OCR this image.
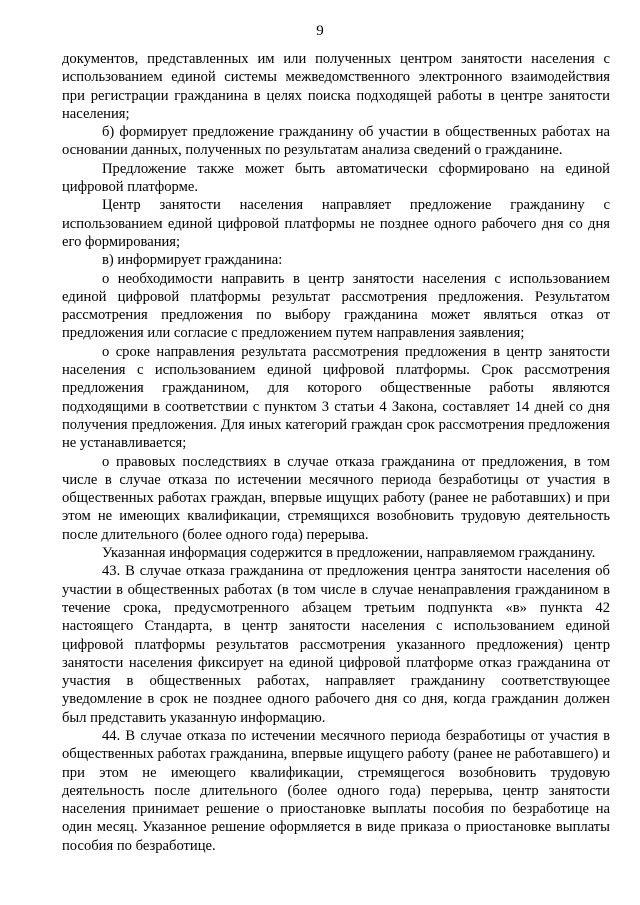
9

документов, представленных им или полученных центром занятости населения с использованием единой системы межведомственного электронного взаимодействия при регистрации гражданина в целях поиска подходящей работы в центре занятости населения;

б) формирует предложение гражданину об участии в общественных работах на основании данных, полученных по результатам анализа сведений о гражданине.

Предложение также может быть автоматически сформировано на единой цифровой платформе.

Центр занятости населения направляет предложение гражданину с использованием единой цифровой платформы не позднее одного рабочего дня со дня его формирования;

в) информирует гражданина:

о необходимости направить в центр занятости населения с использованием единой цифровой платформы результат рассмотрения предложения. Результатом рассмотрения предложения по выбору гражданина может являться отказ от предложения или согласие с предложением путем направления заявления;

о сроке направления результата рассмотрения предложения в центр занятости населения с использованием единой цифровой платформы. Срок рассмотрения предложения гражданином, для которого общественные работы являются подходящими в соответствии с пунктом 3 статьи 4 Закона, составляет 14 дней со дня получения предложения. Для иных категорий граждан срок рассмотрения предложения не устанавливается;

о правовых последствиях в случае отказа гражданина от предложения, в том числе в случае отказа по истечении месячного периода безработицы от участия в общественных работах граждан, впервые ищущих работу (ранее не работавших) и при этом не имеющих квалификации, стремящихся возобновить трудовую деятельность после длительного (более одного года) перерыва.

Указанная информация содержится в предложении, направляемом гражданину.

43. В случае отказа гражданина от предложения центра занятости населения об участии в общественных работах (в том числе в случае ненаправления гражданином в течение срока, предусмотренного абзацем третьим подпункта «в» пункта 42 настоящего Стандарта, в центр занятости населения с использованием единой цифровой платформы результатов рассмотрения указанного предложения) центр занятости населения фиксирует на единой цифровой платформе отказ гражданина от участия в общественных работах, направляет гражданину соответствующее уведомление в срок не позднее одного рабочего дня со дня, когда гражданин должен был представить указанную информацию.

44. В случае отказа по истечении месячного периода безработицы от участия в общественных работах гражданина, впервые ищущего работу (ранее не работавшего) и при этом не имеющего квалификации, стремящегося возобновить трудовую деятельность после длительного (более одного года) перерыва, центр занятости населения принимает решение о приостановке выплаты пособия по безработице на один месяц. Указанное решение оформляется в виде приказа о приостановке выплаты пособия по безработице.
